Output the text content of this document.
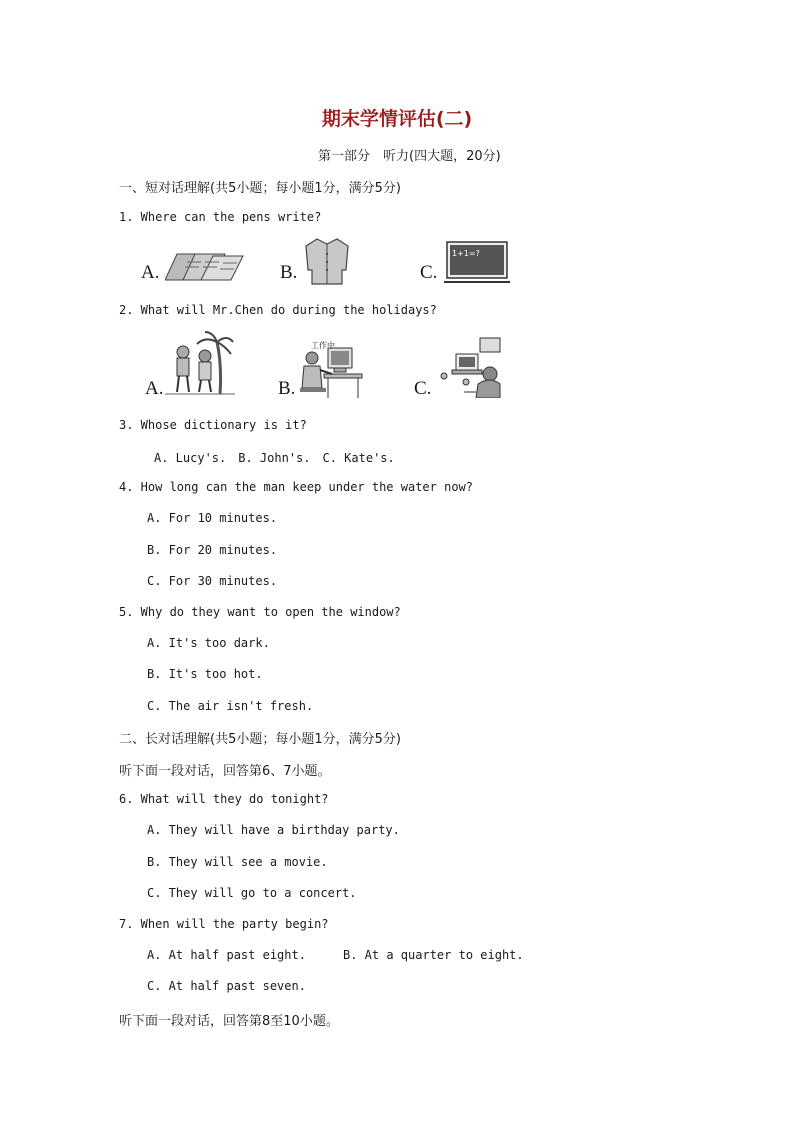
期末学情评估(二)
第一部分　听力(四大题，20分)
一、短对话理解(共5小题；每小题1分，满分5分)
1. Where can the pens write?
A.	B.	C.
1+1=?
2. What will Mr.Chen do during the holidays?
A.	B.
工作中
C.
3. Whose dictionary is it?
A. Lucy's.　B. John's.　C. Kate's.
4. How long can the man keep under the water now?
A. For 10 minutes.
B. For 20 minutes.
C. For 30 minutes.
5. Why do they want to open the window?
A. It's too dark.
B. It's too hot.
C. The air isn't fresh.
二、长对话理解(共5小题；每小题1分，满分5分)
听下面一段对话，回答第6、7小题。
6. What will they do tonight?
A. They will have a birthday party.
B. They will see a movie.
C. They will go to a concert.
7. When will the party begin?
A. At half past eight.	B. At a quarter to eight.
C. At half past seven.
听下面一段对话，回答第8至10小题。
